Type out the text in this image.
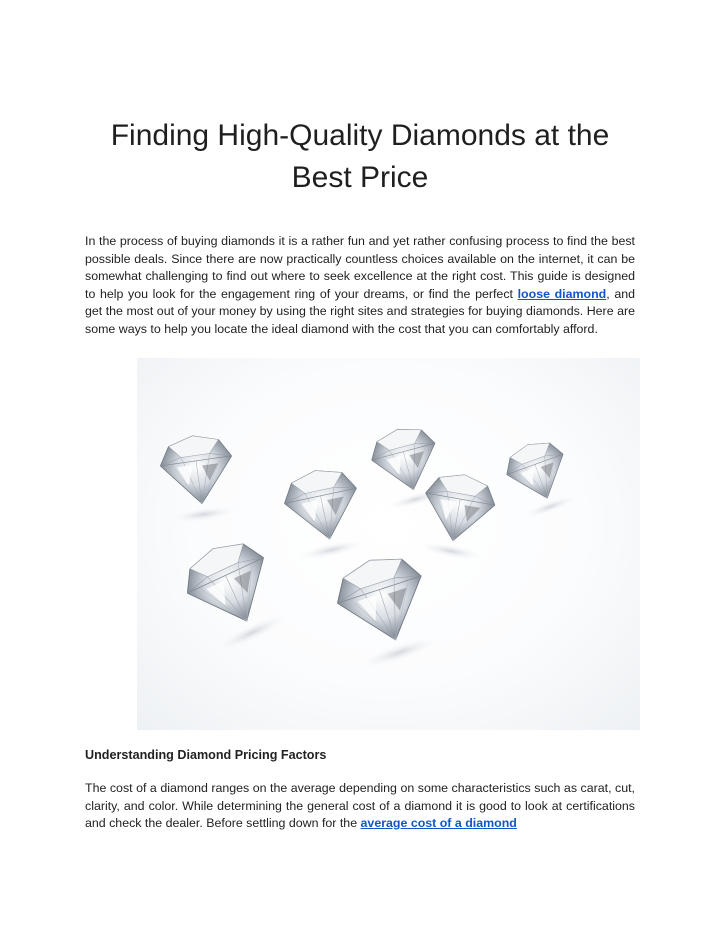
Finding High-Quality Diamonds at the
Best Price

In the process of buying diamonds it is a rather fun and yet rather confusing process to find the best possible deals. Since there are now practically countless choices available on the internet, it can be somewhat challenging to find out where to seek excellence at the right cost. This guide is designed to help you look for the engagement ring of your dreams, or find the perfect loose diamond, and get the most out of your money by using the right sites and strategies for buying diamonds. Here are some ways to help you locate the ideal diamond with the cost that you can comfortably afford.

Understanding Diamond Pricing Factors

The cost of a diamond ranges on the average depending on some characteristics such as carat, cut, clarity, and color. While determining the general cost of a diamond it is good to look at certifications and check the dealer. Before settling down for the average cost of a diamond
